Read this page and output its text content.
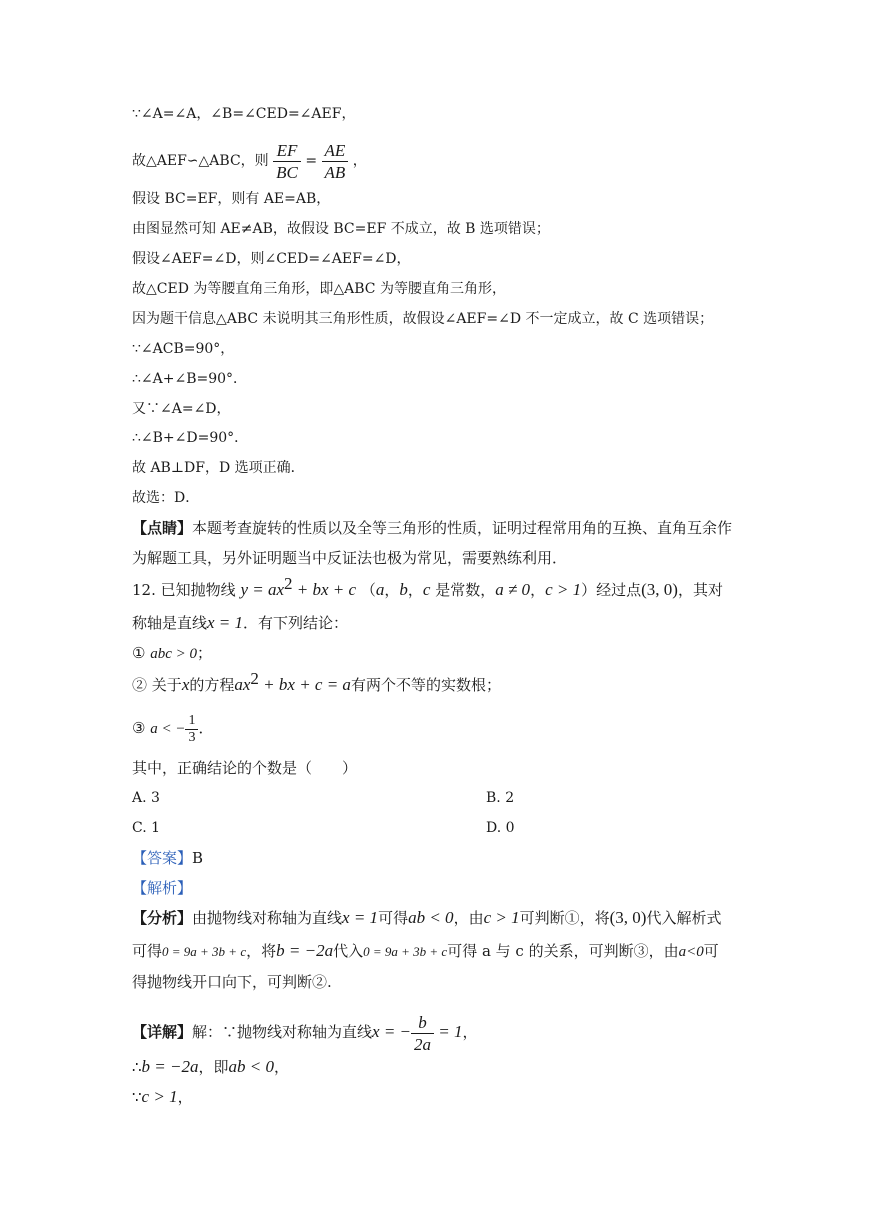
∵∠A=∠A，∠B=∠CED=∠AEF，
故△AEF∽△ABC，则 $\frac{EF}{BC} = \frac{AE}{AB}$ ，
假设 BC=EF，则有 AE=AB，
由图显然可知 AE≠AB，故假设 BC=EF 不成立，故 B 选项错误；
假设∠AEF=∠D，则∠CED=∠AEF=∠D，
故△CED 为等腰直角三角形，即△ABC 为等腰直角三角形，
因为题干信息△ABC 未说明其三角形性质，故假设∠AEF=∠D 不一定成立，故 C 选项错误；
∵∠ACB=90°，
∴∠A+∠B=90°．
又∵∠A=∠D，
∴∠B+∠D=90°．
故 AB⊥DF，D 选项正确．
故选：D．
【点睛】本题考查旋转的性质以及全等三角形的性质，证明过程常用角的互换、直角互余作
为解题工具，另外证明题当中反证法也极为常见，需要熟练利用．
12. 已知抛物线 $y = ax^2$ + bx + c （a，b，c 是常数，a ≠ 0，c > 1）经过点(3, 0)，其对
称轴是直线x = 1．有下列结论：
① abc > 0；
② 关于x的方程$ax^2$ + bx + c = a有两个不等的实数根；
③ a < − $\frac{1}{3}$ ．
其中，正确结论的个数是（　　）
A. 3	B. 2
C. 1	D. 0
【答案】B
【解析】
【分析】由抛物线对称轴为直线x = 1可得ab < 0，由c > 1可判断①，将(3, 0)代入解析式
可得0 = 9a + 3b + c，将b = −2a代入0 = 9a + 3b + c可得 a 与 c 的关系，可判断③，由a<0可
得抛物线开口向下，可判断②.
【详解】解：∵抛物线对称轴为直线x = − $\frac{b}{2a} = 1$，
∴b = −2a，即ab < 0，
∵c > 1，
